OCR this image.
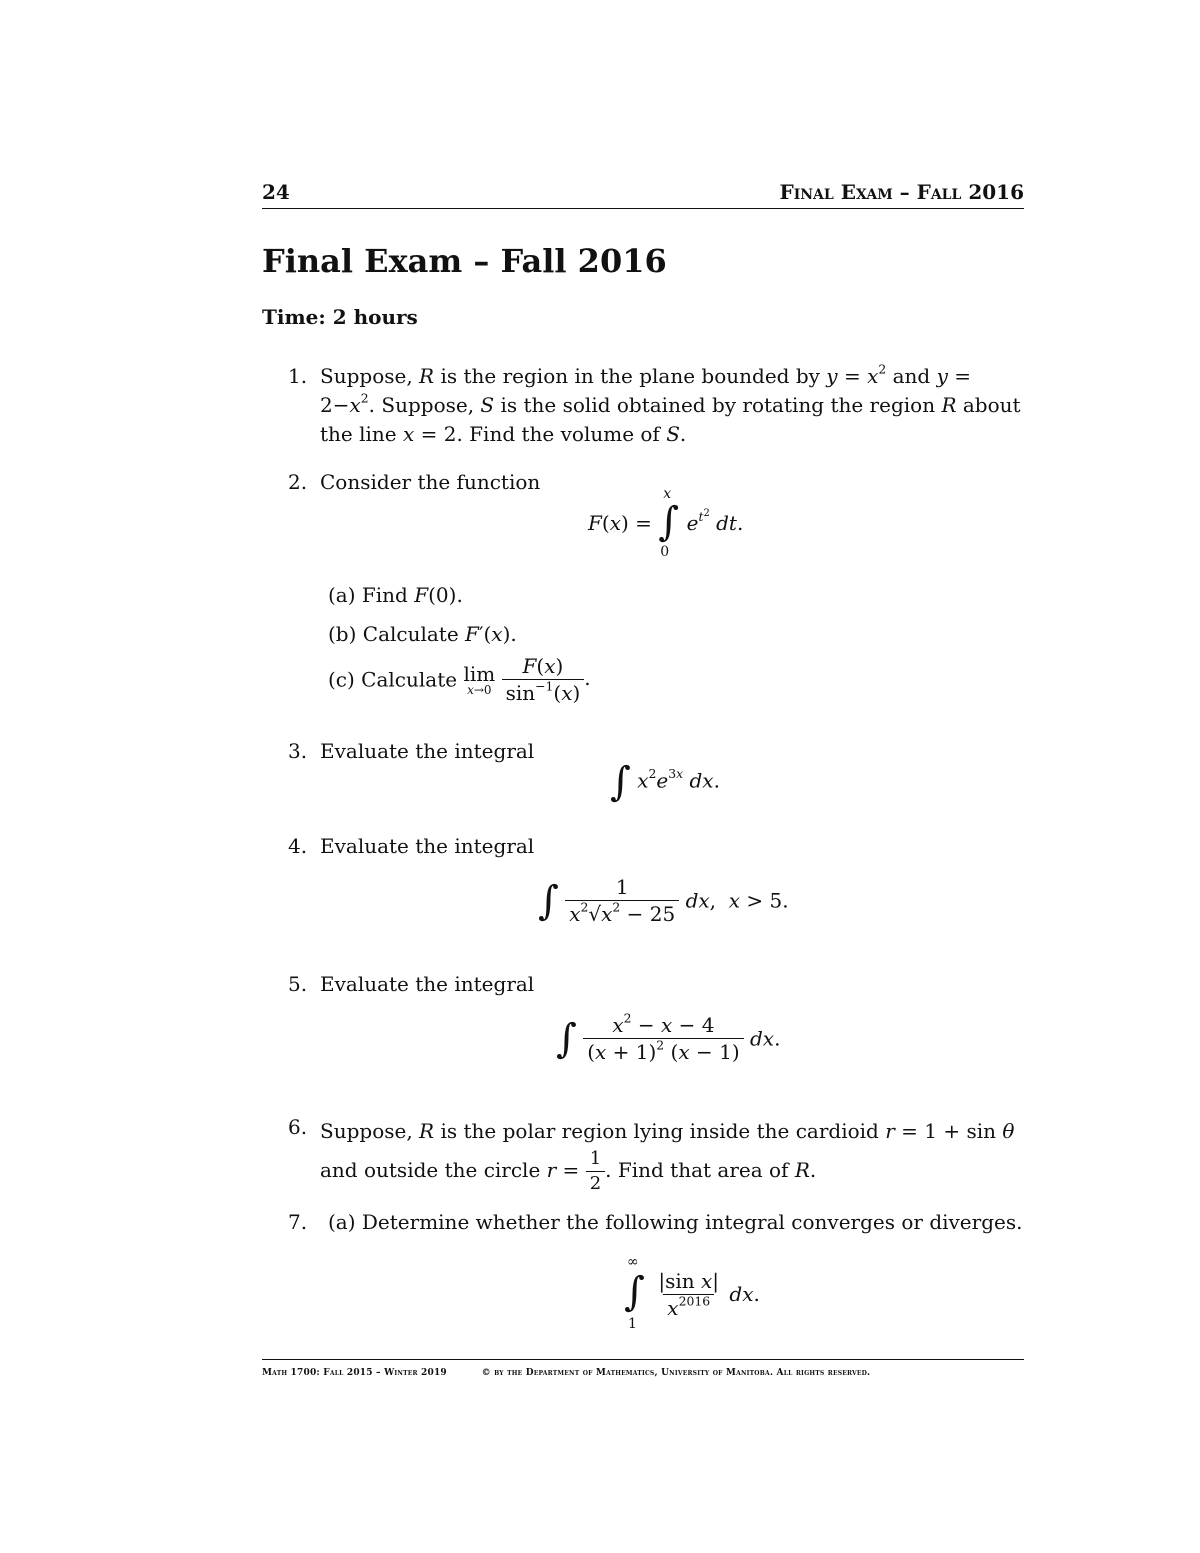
24	Final Exam – Fall 2016
Final Exam – Fall 2016
Time: 2 hours
1. Suppose, R is the region in the plane bounded by $y = x^2$ and $y = 2-x^2$. Suppose, S is the solid obtained by rotating the region R about the line x = 2. Find the volume of S.
2. Consider the function
F(x) =
x
∫
0
$e^{t^2}$ dt.
(a) Find F(0).
(b) Calculate F′(x).
(c) Calculate lim
x→0
$\frac{F(x)}{\sin^{-1}(x)}$ .
3. Evaluate the integral
∫ $x^2e^{3x}$ dx.
4. Evaluate the integral
∫ $\frac{1}{x^2√x^2 - 25}$ dx,  x > 5.
5. Evaluate the integral
∫ $\frac{x^2 - x - 4}{(x + 1)^2 (x - 1)}$ dx.
6. Suppose, R is the polar region lying inside the cardioid r = 1 + sin θ
and outside the circle $r = \frac{1}{2}$ . Find that area of R.
7. (a) Determine whether the following integral converges or diverges.
∞
∫
1

$\frac{\text{|sin x|}}{x^{2016}}$ dx.
Math 1700: Fall 2015 – Winter 2019	© by the Department of Mathematics, University of Manitoba. All rights reserved.
